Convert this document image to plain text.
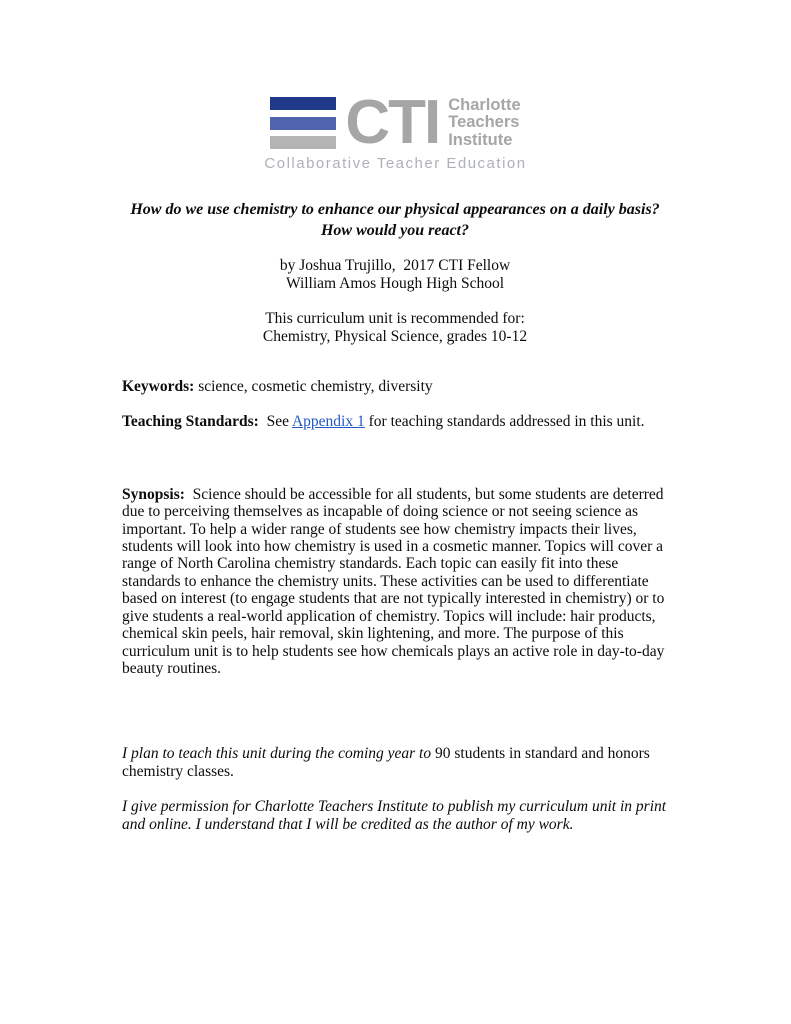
CTI Charlotte
Teachers
Institute
Collaborative Teacher Education
How do we use chemistry to enhance our physical appearances on a daily basis?
How would you react?

by Joshua Trujillo,  2017 CTI Fellow

William Amos Hough High School

This curriculum unit is recommended for:

Chemistry, Physical Science, grades 10-12

Keywords: science, cosmetic chemistry, diversity

Teaching Standards:  See Appendix 1 for teaching standards addressed in this unit.

Synopsis:  Science should be accessible for all students, but some students are deterred due to perceiving themselves as incapable of doing science or not seeing science as important. To help a wider range of students see how chemistry impacts their lives, students will look into how chemistry is used in a cosmetic manner. Topics will cover a range of North Carolina chemistry standards. Each topic can easily fit into these standards to enhance the chemistry units. These activities can be used to differentiate based on interest (to engage students that are not typically interested in chemistry) or to give students a real-world application of chemistry. Topics will include: hair products, chemical skin peels, hair removal, skin lightening, and more. The purpose of this curriculum unit is to help students see how chemicals plays an active role in day-to-day beauty routines.

I plan to teach this unit during the coming year to 90 students in standard and honors chemistry classes.

I give permission for Charlotte Teachers Institute to publish my curriculum unit in print and online. I understand that I will be credited as the author of my work.
